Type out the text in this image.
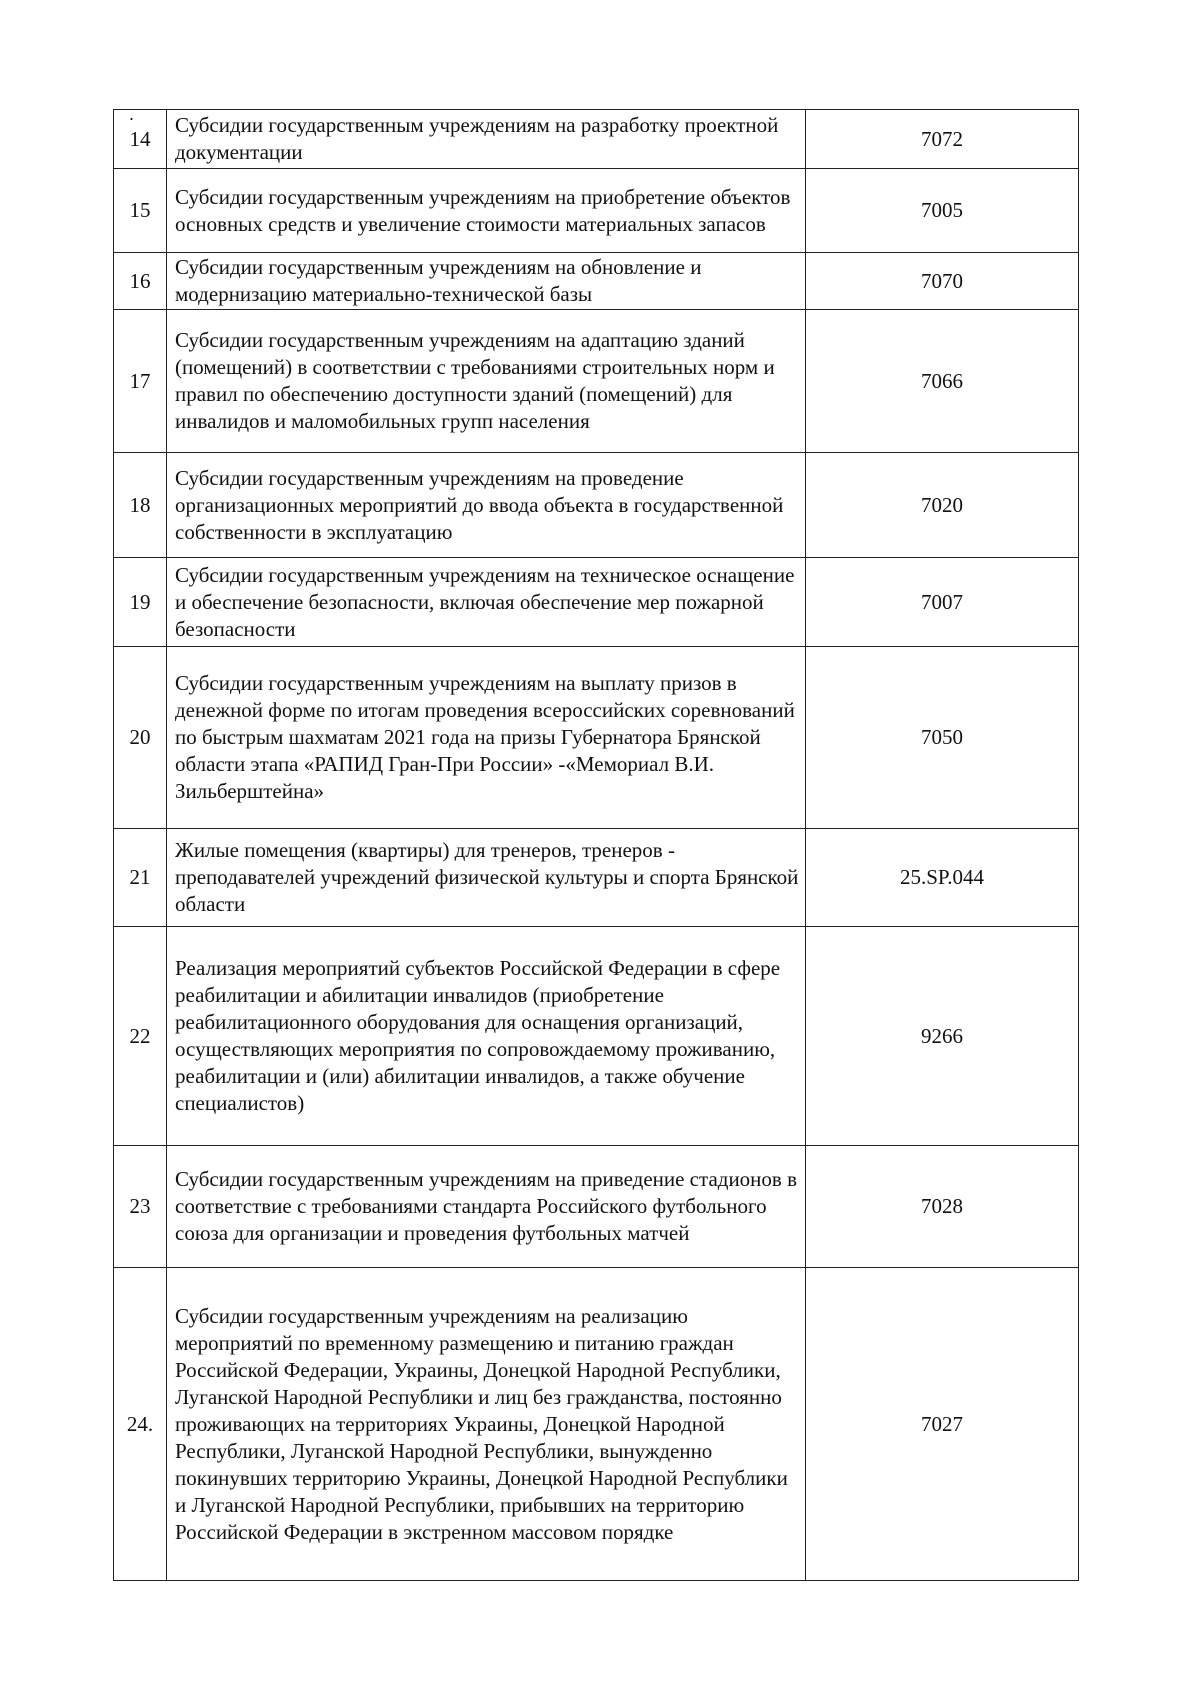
14	Субсидии государственным учреждениям на разработку проектной документации	7072
15	Субсидии государственным учреждениям на приобретение объектов основных средств и увеличение стоимости материальных запасов	7005
16	Субсидии государственным учреждениям на обновление и модернизацию материально-технической базы	7070
17	Субсидии государственным учреждениям на адаптацию зданий (помещений) в соответствии с требованиями строительных норм и правил по обеспечению доступности зданий (помещений) для инвалидов и маломобильных групп населения	7066

·
18	Субсидии государственным учреждениям на проведение организационных мероприятий до ввода объекта в государственной собственности в эксплуатацию	7020
19	Субсидии государственным учреждениям на техническое оснащение и обеспечение безопасности, включая обеспечение мер пожарной безопасности	7007
20	Субсидии государственным учреждениям на выплату призов в денежной форме по итогам проведения всероссийских соревнований по быстрым шахматам 2021 года на призы Губернатора Брянской области этапа «РАПИД Гран-При России» -«Мемориал В.И. Зильберштейна»	7050
21	Жилые помещения (квартиры) для тренеров, тренеров - преподавателей учреждений физической культуры и спорта Брянской области	25.SP.044
22	Реализация мероприятий субъектов Российской Федерации в сфере реабилитации и абилитации инвалидов (приобретение реабилитационного оборудования для оснащения организаций, осуществляющих мероприятия по сопровождаемому проживанию, реабилитации и (или) абилитации инвалидов, а также обучение специалистов)	9266
23	Субсидии государственным учреждениям на приведение стадионов в соответствие с требованиями стандарта Российского футбольного союза для организации и проведения футбольных матчей	7028
24.	Субсидии государственным учреждениям на реализацию мероприятий по временному размещению и питанию граждан Российской Федерации, Украины, Донецкой Народной Республики, Луганской Народной Республики и лиц без гражданства, постоянно проживающих на территориях Украины, Донецкой Народной Республики, Луганской Народной Республики, вынужденно покинувших территорию Украины, Донецкой Народной Республики и Луганской Народной Республики, прибывших на территорию Российской Федерации в экстренном массовом порядке	7027
